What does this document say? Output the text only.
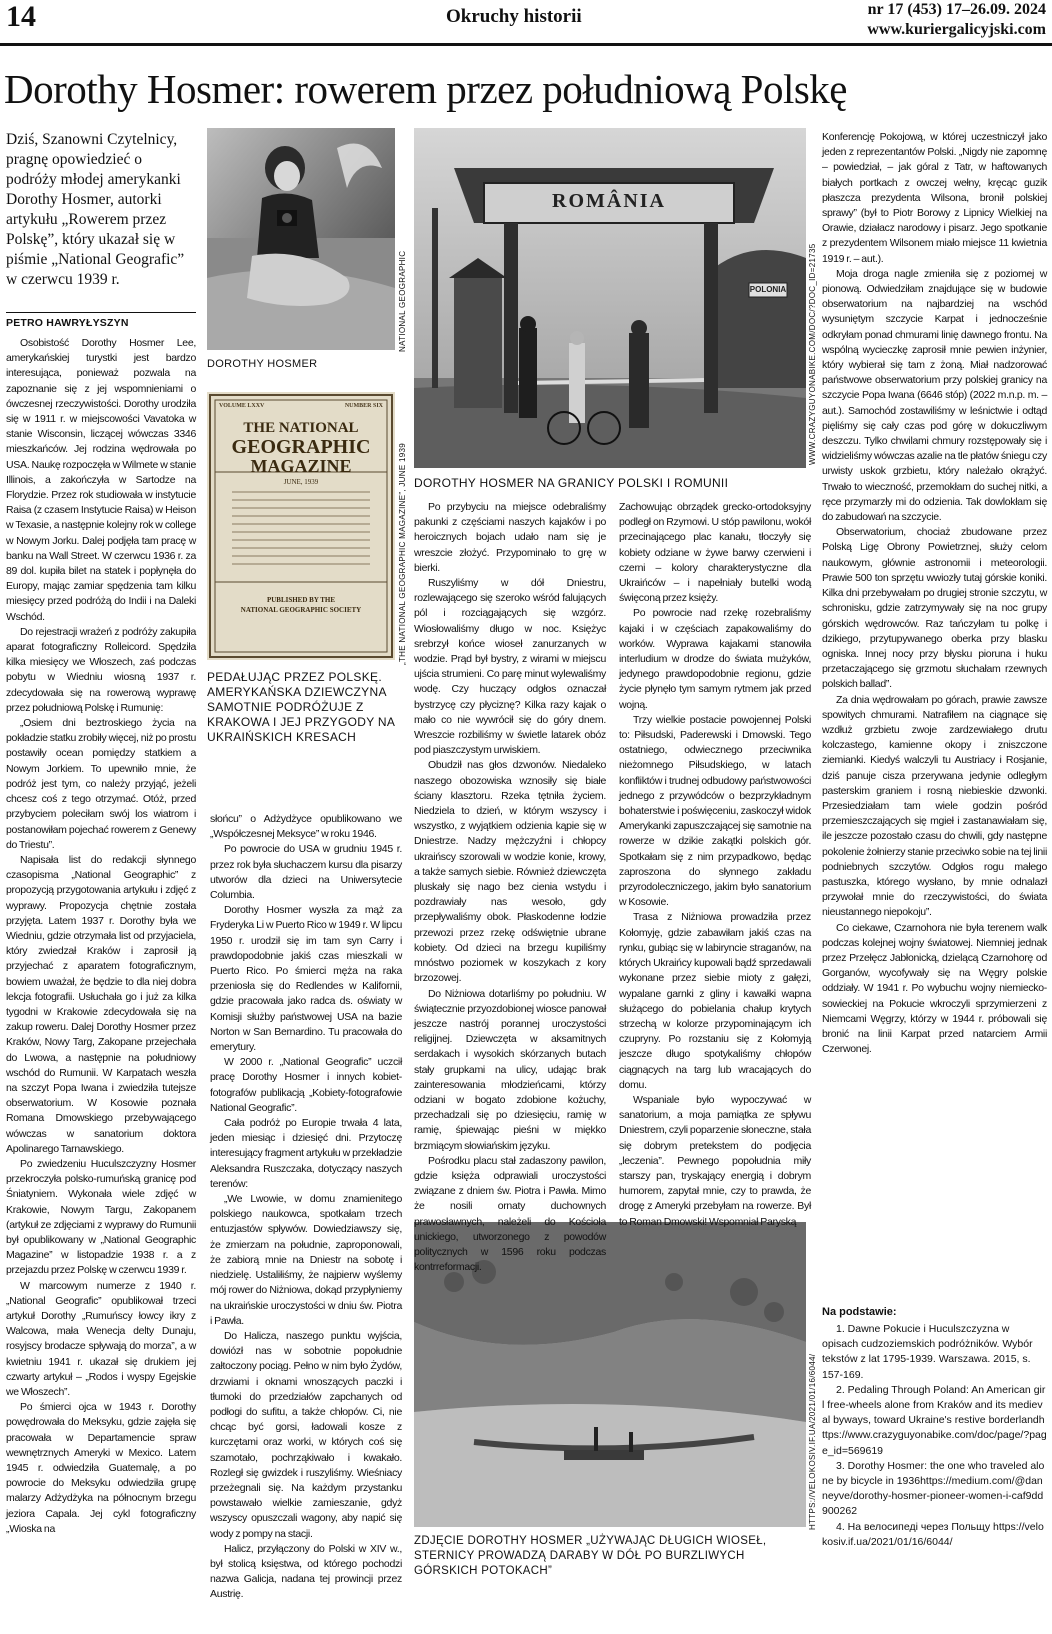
14	Okruchy historii	nr 17 (453) 17–26.09. 2024
www.kuriergalicyjski.com
Dorothy Hosmer: rowerem przez południową Polskę
Dziś, Szanowni Czytelnicy, pragnę opowiedzieć o podróży młodej amerykanki Dorothy Hosmer, autorki artykułu „Rowerem przez Polskę”, który ukazał się w piśmie „National Geografic” w czerwcu 1939 r.
PETRO HAWRYŁYSZYN
DOROTHY HOSMER
NATIONAL GEOGRAPHIC
VOLUME LXXV	NUMBER SIX
THE NATIONAL
GEOGRAPHIC
MAGAZINE
JUNE, 1939
PUBLISHED BY THE
NATIONAL GEOGRAPHIC SOCIETY
PEDAŁUJĄC PRZEZ POLSKĘ. AMERYKAŃSKA DZIEWCZYNA SAMOTNIE PODRÓŻUJE Z KRAKOWA I JEJ PRZYGODY NA UKRAIŃSKICH KRESACH
„THE NATIONAL GEOGRAPHIC MAGAZINE”, JUNE 1939
ROMÂNIA
POLONIA
DOROTHY HOSMER NA GRANICY POLSKI I ROMUNII
WWW.CRAZYGUYONABIKE.COM/DOC/?DOC_ID=21735
ZDJĘCIE DOROTHY HOSMER „UŻYWAJĄC DŁUGICH WIOSEŁ, STERNICY PROWADZĄ DARABY W DÓŁ PO BURZLIWYCH GÓRSKICH POTOKACH”
HTTPS://VELOKOSIV.IF.UA/2021/01/16/6044/

Osobistość Dorothy Hosmer Lee, amerykańskiej turystki jest bardzo interesująca, ponieważ pozwala na zapoznanie się z jej wspomnieniami o ówczesnej rzeczywistości. Dorothy urodziła się w 1911 r. w miejscowości Vavatoka w stanie Wisconsin, liczącej wówczas 3346 mieszkańców. Jej rodzina wędrowała po USA. Naukę rozpoczęła w Wilmete w stanie Illinois, a zakończyła w Sartodze na Florydzie. Przez rok studiowała w instytucie Raisa (z czasem Instytucie Raisa) w Heison w Texasie, a następnie kolejny rok w college w Nowym Jorku. Dalej podjęła tam pracę w banku na Wall Street. W czerwcu 1936 r. za 89 dol. kupiła bilet na statek i popłynęła do Europy, mając zamiar spędzenia tam kilku miesięcy przed podróżą do Indii i na Daleki Wschód.

Do rejestracji wrażeń z podróży zakupiła aparat fotograficzny Rolleicord. Spędziła kilka miesięcy we Włoszech, zaś podczas pobytu w Wiedniu wiosną 1937 r. zdecydowała się na rowerową wyprawę przez południową Polskę i Rumunię:

„Osiem dni beztroskiego życia na pokładzie statku zrobiły więcej, niż po prostu postawiły ocean pomiędzy statkiem a Nowym Jorkiem. To upewniło mnie, że podróż jest tym, co należy przyjąć, jeżeli chcesz coś z tego otrzymać. Otóż, przed przybyciem poleciłam swój los wiatrom i postanowiłam pojechać rowerem z Genewy do Triestu”.

Napisała list do redakcji słynnego czasopisma „National Geographic” z propozycją przygotowania artykułu i zdjęć z wyprawy. Propozycja chętnie została przyjęta. Latem 1937 r. Dorothy była we Wiedniu, gdzie otrzymała list od przyjaciela, który zwiedzał Kraków i zaprosił ją przyjechać z aparatem fotograficznym, bowiem uważał, że będzie to dla niej dobra lekcja fotografii. Usłuchała go i już za kilka tygodni w Krakowie zdecydowała się na zakup roweru. Dalej Dorothy Hosmer przez Kraków, Nowy Targ, Zakopane przejechała do Lwowa, a następnie na południowy wschód do Rumunii. W Karpatach weszła na szczyt Popa Iwana i zwiedziła tutejsze obserwatorium. W Kosowie poznała Romana Dmowskiego przebywającego wówczas w sanatorium doktora Apolinarego Tarnawskiego.

Po zwiedzeniu Huculszczyzny Hosmer przekroczyła polsko-rumuńską granicę pod Śniatyniem. Wykonała wiele zdjęć w Krakowie, Nowym Targu, Zakopanem (artykuł ze zdjęciami z wyprawy do Rumunii był opublikowany w „National Geographic Magazine” w listopadzie 1938 r. a z przejazdu przez Polskę w czerwcu 1939 r.

W marcowym numerze z 1940 r. „National Geografic” opublikował trzeci artykuł Dorothy „Rumuńscy łowcy ikry z Walcowa, mała Wenecja delty Dunaju, rosyjscy brodacze spływają do morza”, a w kwietniu 1941 r. ukazał się drukiem jej czwarty artykuł – „Rodos i wyspy Egejskie we Włoszech”.

Po śmierci ojca w 1943 r. Dorothy powędrowała do Meksyku, gdzie zajęła się pracowała w Departamencie spraw wewnętrznych Ameryki w Mexico. Latem 1945 r. odwiedziła Guatemalę, a po powrocie do Meksyku odwiedziła grupę malarzy Adżydżyka na północnym brzegu jeziora Capala. Jej cykl fotograficzny „Wioska na

słońcu” o Adżydżyce opublikowano we „Współczesnej Meksyce” w roku 1946.

Po powrocie do USA w grudniu 1945 r. przez rok była słuchaczem kursu dla pisarzy utworów dla dzieci na Uniwersytecie Columbia.

Dorothy Hosmer wyszła za mąż za Fryderyka Li w Puerto Rico w 1949 r. W lipcu 1950 r. urodził się im tam syn Carry i prawdopodobnie jakiś czas mieszkali w Puerto Rico. Po śmierci męża na raka przeniosła się do Redlendes w Kalifornii, gdzie pracowała jako radca ds. oświaty w Komisji służby państwowej USA na bazie Norton w San Bernardino. Tu pracowała do emerytury.

W 2000 r. „National Geografic” uczcił pracę Dorothy Hosmer i innych kobiet-fotografów publikacją „Kobiety-fotografowie National Geografic”.

Cała podróż po Europie trwała 4 lata, jeden miesiąc i dziesięć dni. Przytoczę interesujący fragment artykułu w przekładzie Aleksandra Ruszczaka, dotyczący naszych terenów:

„We Lwowie, w domu znamienitego polskiego naukowca, spotkałam trzech entuzjastów spływów. Dowiedziawszy się, że zmierzam na południe, zaproponowali, że zabiorą mnie na Dniestr na sobotę i niedzielę. Ustaliłiśmy, że najpierw wyślemy mój rower do Niżniowa, dokąd przypłyniemy na ukraińskie uroczystości w dniu św. Piotra i Pawła.

Do Halicza, naszego punktu wyjścia, dowiózł nas w sobotnie popołudnie załtoczony pociąg. Pełno w nim było Żydów, drzwiami i oknami wnoszących paczki i tłumoki do przedziałów zapchanych od podłogi do sufitu, a także chłopów. Ci, nie chcąc być gorsi, ładowali kosze z kurczętami oraz worki, w których coś się szamotało, pochrząkiwało i kwakało. Rozległ się gwizdek i ruszyliśmy. Wieśniacy przeżegnali się. Na każdym przystanku powstawało wielkie zamieszanie, gdyż wszyscy opuszczali wagony, aby napić się wody z pompy na stacji.

Halicz, przyłączony do Polski w XIV w., był stolicą księstwa, od którego pochodzi nazwa Galicja, nadana tej prowincji przez Austrię.

Po przybyciu na miejsce odebraliśmy pakunki z częściami naszych kajaków i po heroicznych bojach udało nam się je wreszcie złożyć. Przypominało to grę w bierki.

Ruszyliśmy w dół Dniestru, rozlewającego się szeroko wśród falujących pól i rozciągających się wzgórz. Wiosłowaliśmy długo w noc. Księżyc srebrzył końce wioseł zanurzanych w wodzie. Prąd był bystry, z wirami w miejscu ujścia strumieni. Co parę minut wylewaliśmy wodę. Czy huczący odgłos oznaczał bystrzycę czy płyciznę? Kilka razy kajak o mało co nie wywrócił się do góry dnem. Wreszcie rozbiliśmy w świetle latarek obóz pod piaszczystym urwiskiem.

Obudził nas głos dzwonów. Niedaleko naszego obozowiska wznosiły się białe ściany klasztoru. Rzeka tętniła życiem. Niedziela to dzień, w którym wszyscy i wszystko, z wyjątkiem odzienia kąpie się w Dniestrze. Nadzy mężczyźni i chłopcy ukraińscy szorowali w wodzie konie, krowy, a także samych siebie. Również dziewczęta pluskały się nago bez cienia wstydu i pozdrawiały nas wesoło, gdy przepływaliśmy obok. Płaskodenne łodzie przewozi przez rzekę odświętnie ubrane kobiety. Od dzieci na brzegu kupiliśmy mnóstwo poziomek w koszykach z kory brzozowej.

Do Niżniowa dotarliśmy po południu. W świątecznie przyozdobionej wiosce panował jeszcze nastrój porannej uroczystości religijnej. Dziewczęta w aksamitnych serdakach i wysokich skórzanych butach stały grupkami na ulicy, udając brak zainteresowania młodzieńcami, którzy odziani w bogato zdobione kożuchy, przechadzali się po dziesięciu, ramię w ramię, śpiewając pieśni w miękko brzmiącym słowiańskim języku.

Pośrodku placu stał zadaszony pawilon, gdzie księża odprawiali uroczystości związane z dniem św. Piotra i Pawła. Mimo że nosili ornaty duchownych prawosławnych, należeli do Kościoła unickiego, utworzonego z powodów politycznych w 1596 roku podczas kontrreformacji.

Zachowując obrządek grecko-ortodoksyjny podległ on Rzymowi. U stóp pawilonu, wokół przecinającego plac kanału, tłoczyły się kobiety odziane w żywe barwy czerwieni i czerni – kolory charakterystyczne dla Ukraińców – i napełniały butelki wodą święconą przez księży.

Po powrocie nad rzekę rozebraliśmy kajaki i w częściach zapakowaliśmy do worków. Wyprawa kajakami stanowiła interludium w drodze do świata mużyków, jedynego prawdopodobnie regionu, gdzie życie płynęło tym samym rytmem jak przed wojną.

Trzy wielkie postacie powojennej Polski to: Piłsudski, Paderewski i Dmowski. Tego ostatniego, odwiecznego przeciwnika nieżomnego Piłsudskiego, w latach konfliktów i trudnej odbudowy państwowości jednego z przywódców o bezprzykładnym bohaterstwie i poświęceniu, zaskoczył widok Amerykanki zapuszczającej się samotnie na rowerze w dzikie zakątki polskich gór. Spotkałam się z nim przypadkowo, będąc zaproszona do słynnego zakładu przyrodoleczniczego, jakim było sanatorium w Kosowie.

Trasa z Niżniowa prowadziła przez Kołomyję, gdzie zabawiłam jakiś czas na rynku, gubiąc się w labiryncie straganów, na których Ukraińcy kupowali bądź sprzedawali wykonane przez siebie mioty z gałęzi, wypalane garnki z gliny i kawałki wapna służącego do pobielania chałup krytych strzechą w kolorze przypominającym ich czupryny. Po rozstaniu się z Kołomyją jeszcze długo spotykaliśmy chłopów ciągnących na targ lub wracających do domu.

Wspaniale było wypoczywać w sanatorium, a moja pamiątka ze spływu Dniestrem, czyli poparzenie słoneczne, stała się dobrym pretekstem do podjęcia „leczenia”. Pewnego popołudnia miły starszy pan, tryskający energią i dobrym humorem, zapytał mnie, czy to prawda, że drogę z Ameryki przebyłam na rowerze. Był to Roman Dmowski! Wspomniał Paryską

Konferencję Pokojową, w której uczestniczył jako jeden z reprezentantów Polski. „Nigdy nie zapomnę – powiedział, – jak góral z Tatr, w haftowanych białych portkach z owczej wełny, kręcąc guzik płaszcza prezydenta Wilsona, bronił polskiej sprawy” (był to Piotr Borowy z Lipnicy Wielkiej na Orawie, działacz narodowy i pisarz. Jego spotkanie z prezydentem Wilsonem miało miejsce 11 kwietnia 1919 r. – aut.).

Moja droga nagle zmieniła się z poziomej w pionową. Odwiedziłam znajdujące się w budowie obserwatorium na najbardziej na wschód wysuniętym szczycie Karpat i jednocześnie odkryłam ponad chmurami linię dawnego frontu. Na wspólną wycieczkę zaprosił mnie pewien inżynier, który wybierał się tam z żoną. Miał nadzorować państwowe obserwatorium przy polskiej granicy na szczycie Popa Iwana (6646 stóp) (2022 m.n.p. m. – aut.). Samochód zostawiliśmy w leśnictwie i odtąd pięliśmy się cały czas pod górę w dokuczliwym deszczu. Tylko chwilami chmury rozstępowały się i widzieliśmy wówczas azalie na tle płatów śniegu czy urwisty uskok grzbietu, który należało okrążyć. Trwało to wieczność, przemokłam do suchej nitki, a ręce przymarzły mi do odzienia. Tak dowlokłam się do zabudowań na szczycie.

Obserwatorium, chociaż zbudowane przez Polską Ligę Obrony Powietrznej, służy celom naukowym, głównie astronomii i meteorologii. Prawie 500 ton sprzętu wwiozły tutaj górskie koniki. Kilka dni przebywałam po drugiej stronie szczytu, w schronisku, gdzie zatrzymywały się na noc grupy górskich wędrowców. Raz tańczyłam tu polkę i dzikiego, przytupywanego oberka przy blasku ogniska. Innej nocy przy błysku pioruna i huku przetaczającego się grzmotu słuchałam rzewnych polskich ballad”.

Za dnia wędrowałam po górach, prawie zawsze spowitych chmurami. Natrafiłem na ciągnące się wzdłuż grzbietu zwoje zardzewiałego drutu kolczastego, kamienne okopy i zniszczone ziemianki. Kiedyś walczyli tu Austriacy i Rosjanie, dziś panuje cisza przerywana jedynie odległym pasterskim graniem i rosną niebieskie dzwonki. Przesiedziałam tam wiele godzin pośród przemieszczających się mgieł i zastanawiałam się, ile jeszcze pozostało czasu do chwili, gdy następne pokolenie żołnierzy stanie przeciwko sobie na tej linii podniebnych szczytów. Odgłos rogu małego pastuszka, którego wysłano, by mnie odnalazł przywołał mnie do rzeczywistości, do świata nieustannego niepokoju”.

Co ciekawe, Czarnohora nie była terenem walk podczas kolejnej wojny światowej. Niemniej jednak przez Przełęcz Jabłonicką, dzielącą Czarnohorę od Gorganów, wycofywały się na Węgry polskie oddziały. W 1941 r. Po wybuchu wojny niemiecko-sowieckiej na Pokucie wkroczyli sprzymierzeni z Niemcami Węgrzy, którzy w 1944 r. próbowali się bronić na linii Karpat przed natarciem Armii Czerwonej.

Na podstawie:

1. Dawne Pokucie i Huculszczyzna w opisach cudzoziemskich podróżników. Wybór tekstów z lat 1795-1939. Warszawa. 2015, s. 157-169.

2. Pedaling Through Poland: An American girl free-wheels alone from Kraków and its medieval byways, toward Ukraine's restive borderlandhttps://www.crazyguyonabike.com/doc/page/?page_id=569619

3. Dorothy Hosmer: the one who traveled alone by bicycle in 1936https://medium.com/@danneyve/dorothy-hosmer-pioneer-women-i-caf9dd900262

4. На велосипеді через Польщу https://velokosiv.if.ua/2021/01/16/6044/
